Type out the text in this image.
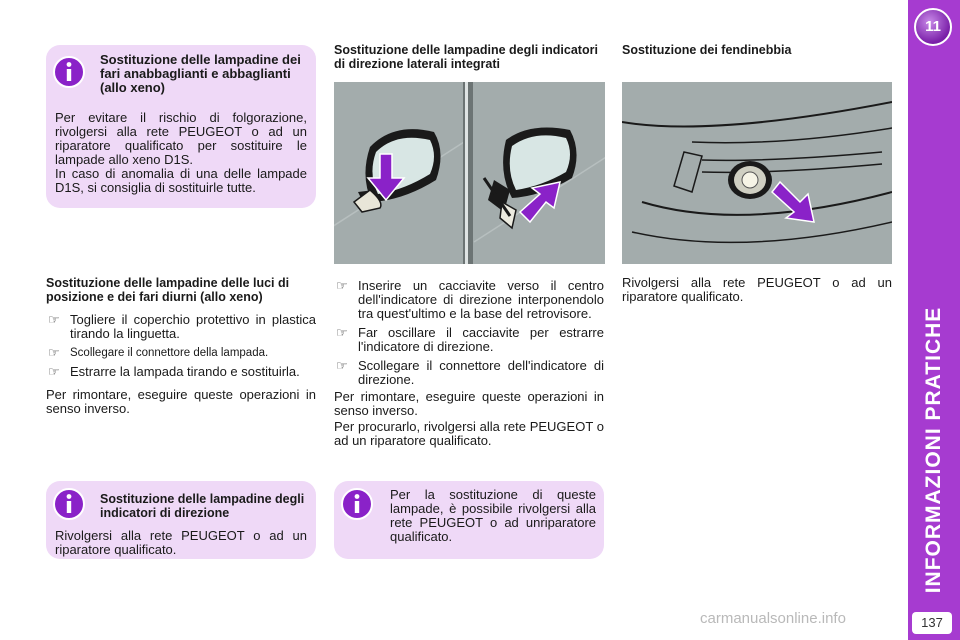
11
INFORMAZIONI PRATICHE
137
carmanualsonline.info
Sostituzione delle lampadine dei fari anabbaglianti e abbaglianti (allo xeno)
Per evitare il rischio di folgorazione, rivolgersi alla rete PEUGEOT o ad un riparatore qualificato per sostituire le lampade allo xeno D1S.
In caso di anomalia di una delle lampade D1S, si consiglia di sostituirle tutte.
Sostituzione delle lampadine degli indicatori di direzione laterali integrati
☞ Inserire un cacciavite verso il centro dell'indicatore di direzione interponendolo tra quest'ultimo e la base del retrovisore.
☞ Far oscillare il cacciavite per estrarre l'indicatore di direzione.
☞ Scollegare il connettore dell'indicatore di direzione.
Per rimontare, eseguire queste operazioni in senso inverso.
Per procurarlo, rivolgersi alla rete PEUGEOT o ad un riparatore qualificato.
Sostituzione dei fendinebbia
Rivolgersi alla rete PEUGEOT o ad un riparatore qualificato.
Sostituzione delle lampadine delle luci di posizione e dei fari diurni (allo xeno)
☞ Togliere il coperchio protettivo in plastica tirando la linguetta.
☞ Scollegare il connettore della lampada.
☞ Estrarre la lampada tirando e sostituirla.
Per rimontare, eseguire queste operazioni in senso inverso.
Sostituzione delle lampadine degli indicatori di direzione
Rivolgersi alla rete PEUGEOT o ad un riparatore qualificato.
Per la sostituzione di queste lampade, è possibile rivolgersi alla rete PEUGEOT o ad unriparatore qualificato.
